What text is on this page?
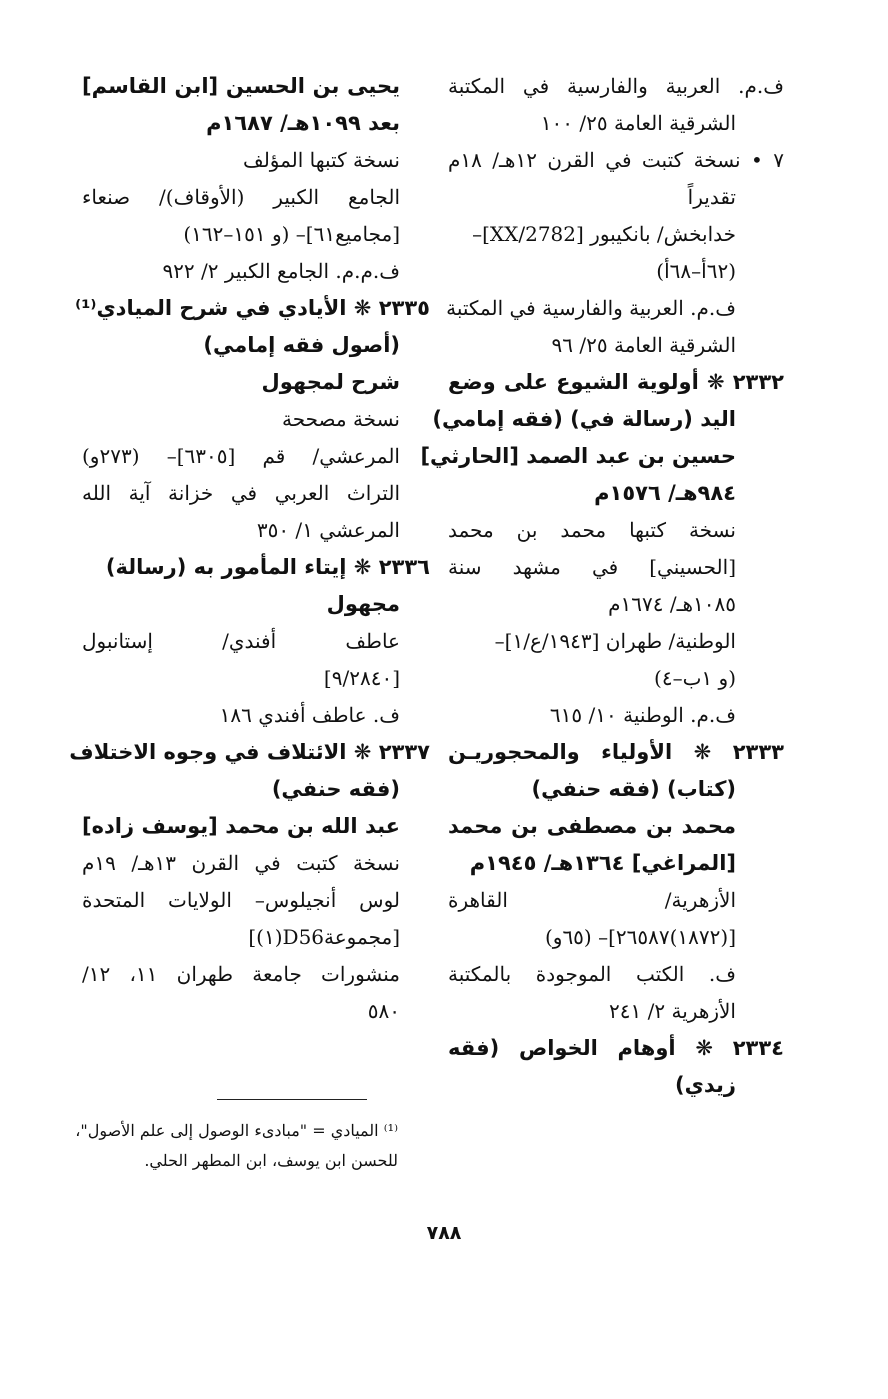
ف.م. العربية والفارسية في المكتبة
الشرقية العامة ٢٥/ ١٠٠
٧ • نسخة كتبت في القرن ١٢هـ/ ١٨م
تقديراً
خدابخش/ بانكيبور [2782/XX]–
(٦٢أ–٦٨أ)
ف.م. العربية والفارسية في المكتبة
الشرقية العامة ٢٥/ ٩٦
٢٣٣٢ ❋ أولوية الشيوع على وضع
اليد (رسالة في) (فقه إمامي)
حسين بن عبد الصمد [الحارثي]
٩٨٤هـ/ ١٥٧٦م
نسخة كتبها محمد بن محمد
[الحسيني] في مشهد سنة
١٠٨٥هـ/ ١٦٧٤م
الوطنية/ طهران [١٩٤٣/ع/١]–
(و ١ب–٤)
ف.م. الوطنية ١٠/ ٦١٥
٢٣٣٣ ❋ الأولياء والمحجوريـن
(كتاب) (فقه حنفي)
محمد بن مصطفى بن محمد
[المراغي] ١٣٦٤هـ/ ١٩٤٥م
الأزهرية/ القاهرة
[(١٨٧٢)٢٦٥٨٧]– (٦٥و)
ف. الكتب الموجودة بالمكتبة
الأزهرية ٢/ ٢٤١
٢٣٣٤ ❋ أوهام الخواص (فقه
زيدي)
يحيى بن الحسين [ابن القاسم]
بعد ١٠٩٩هـ/ ١٦٨٧م
نسخة كتبها المؤلف
الجامع الكبير (الأوقاف)/ صنعاء
[مجاميع٦١]– (و ١٥١–١٦٢)
ف.م.م. الجامع الكبير ٢/ ٩٢٢
٢٣٣٥ ❋ الأيادي في شرح الميادي⁽¹⁾
(أصول فقه إمامي)
شرح لمجهول
نسخة مصححة
المرعشي/ قم [٦٣٠٥]– (٢٧٣و)
التراث العربي في خزانة آية الله
المرعشي ١/ ٣٥٠
٢٣٣٦ ❋ إيتاء المأمور به (رسالة)
مجهول
عاطف أفندي/ إستانبول
[٩/٢٨٤٠]
ف. عاطف أفندي ١٨٦
٢٣٣٧ ❋ الائتلاف في وجوه الاختلاف
(فقه حنفي)
عبد الله بن محمد [يوسف زاده]
نسخة كتبت في القرن ١٣هـ/ ١٩م
لوس أنجيلوس– الولايات المتحدة
[مجموعةD56(١)]
منشورات جامعة طهران ١١، ١٢/
٥٨٠
⁽¹⁾ الميادي = "مبادىء الوصول إلى علم الأصول"،
للحسن ابن يوسف، ابن المطهر الحلي.
٧٨٨
